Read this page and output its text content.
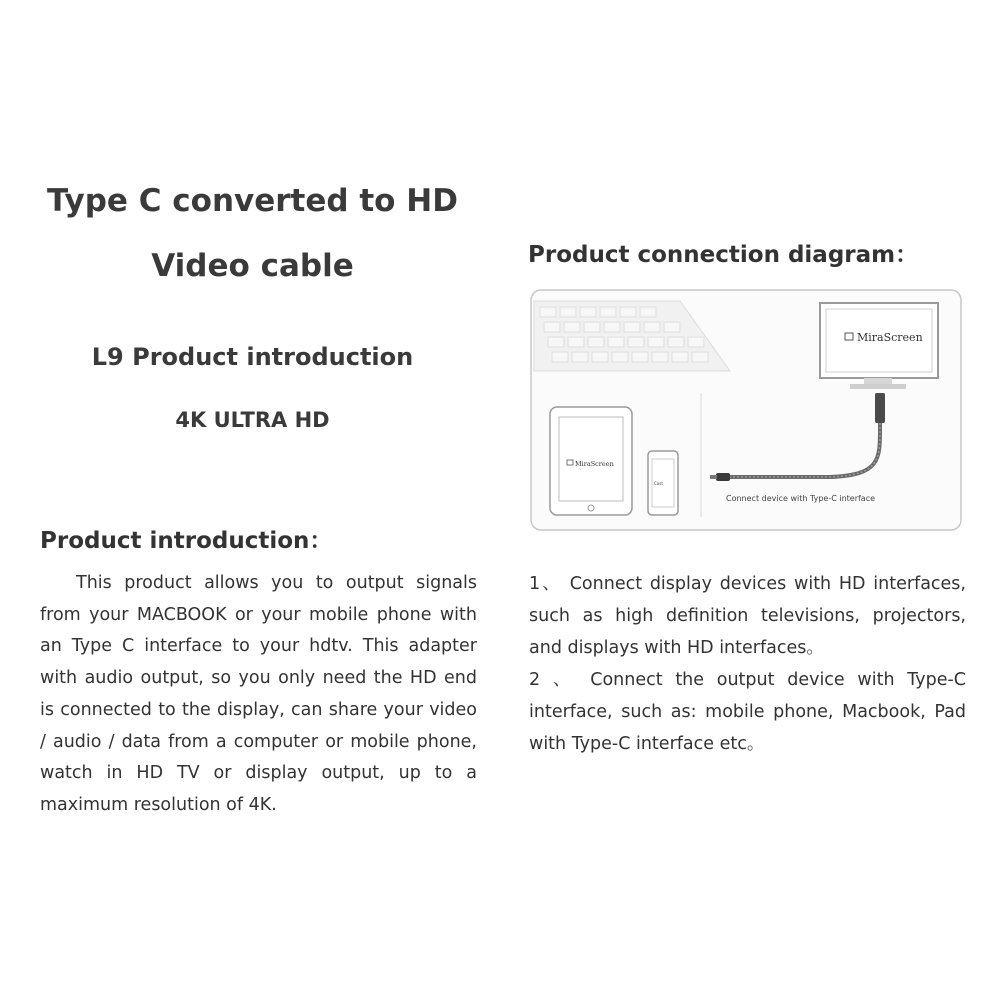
Type C converted to HD
Video cable
L9 Product introduction
4K ULTRA HD
Product introduction：
This product allows you to output signals from your MACBOOK or your mobile phone with an Type C interface to your hdtv. This adapter with audio output, so you only need the HD end is connected to the display, can share your video / audio / data from a computer or mobile phone, watch in HD TV or display output, up to a maximum resolution of 4K.
Product connection diagram：
MiraScreen
MiraScreen
Cast
Connect device with Type-C interface

1、 Connect display devices with HD interfaces, such as high definition televisions, projectors, and displays with HD interfaces。

2 、 Connect the output device with Type-C interface, such as: mobile phone, Macbook, Pad with Type-C interface etc。
